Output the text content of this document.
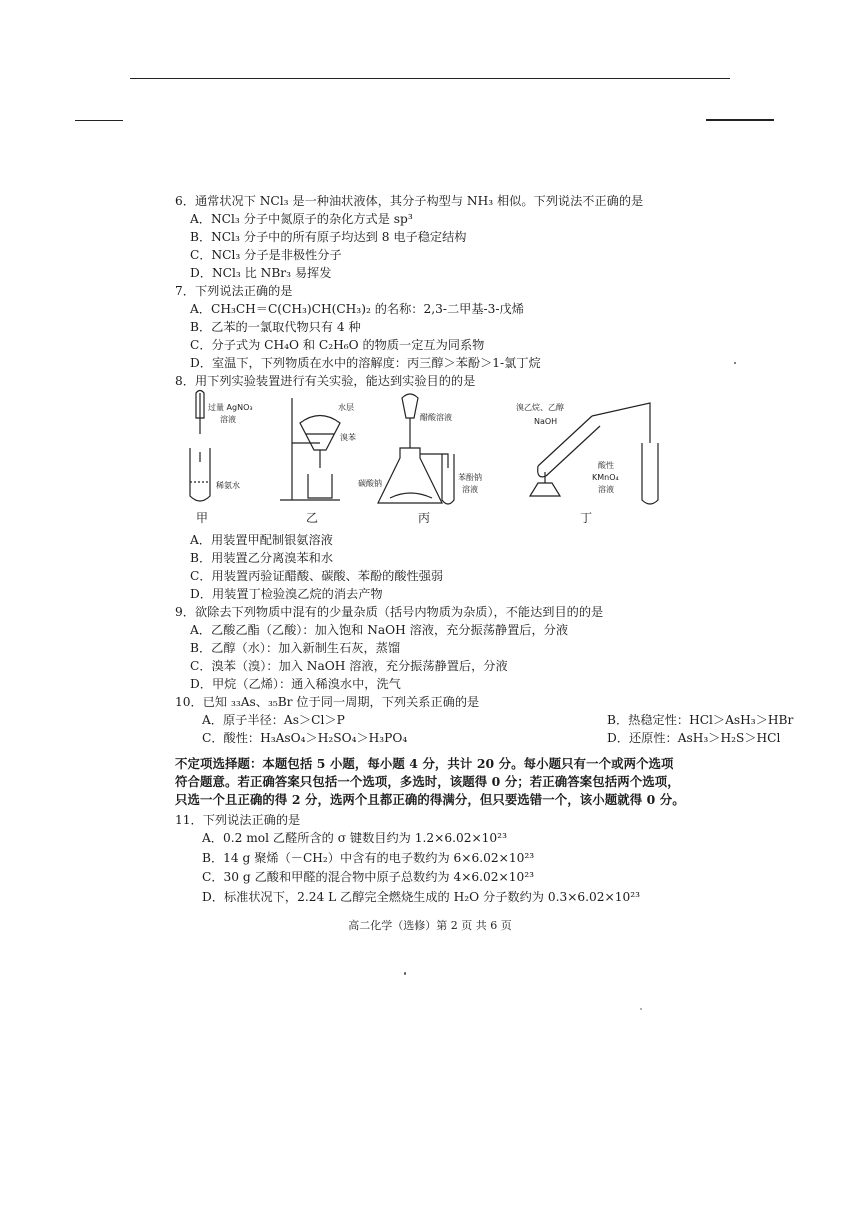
6．通常状况下 NCl₃ 是一种油状液体，其分子构型与 NH₃ 相似。下列说法不正确的是
A．NCl₃ 分子中氮原子的杂化方式是 sp³
B．NCl₃ 分子中的所有原子均达到 8 电子稳定结构
C．NCl₃ 分子是非极性分子
D．NCl₃ 比 NBr₃ 易挥发
7．下列说法正确的是
A．CH₃CH＝C(CH₃)CH(CH₃)₂ 的名称：2,3-二甲基-3-戊烯
B．乙苯的一氯取代物只有 4 种
C．分子式为 CH₄O 和 C₂H₆O 的物质一定互为同系物
D．室温下，下列物质在水中的溶解度：丙三醇＞苯酚＞1-氯丁烷
8．用下列实验装置进行有关实验，能达到实验目的的是
过量 AgNO₃
溶液
稀氨水
水层
溴苯
醋酸溶液
碳酸钠
苯酚钠
溶液
溴乙烷、乙醇
NaOH
酸性
KMnO₄
溶液
甲	乙	丙	丁
A．用装置甲配制银氨溶液
B．用装置乙分离溴苯和水
C．用装置丙验证醋酸、碳酸、苯酚的酸性强弱
D．用装置丁检验溴乙烷的消去产物
9．欲除去下列物质中混有的少量杂质（括号内物质为杂质），不能达到目的的是
A．乙酸乙酯（乙酸）：加入饱和 NaOH 溶液，充分振荡静置后，分液
B．乙醇（水）：加入新制生石灰，蒸馏
C．溴苯（溴）：加入 NaOH 溶液，充分振荡静置后，分液
D．甲烷（乙烯）：通入稀溴水中，洗气
10．已知 ₃₃As、₃₅Br 位于同一周期，下列关系正确的是
A．原子半径：As＞Cl＞P	B．热稳定性：HCl＞AsH₃＞HBr
C．酸性：H₃AsO₄＞H₂SO₄＞H₃PO₄	D．还原性：AsH₃＞H₂S＞HCl
不定项选择题：本题包括 5 小题，每小题 4 分，共计 20 分。每小题只有一个或两个选项
符合题意。若正确答案只包括一个选项，多选时，该题得 0 分；若正确答案包括两个选项，
只选一个且正确的得 2 分，选两个且都正确的得满分，但只要选错一个，该小题就得 0 分。
11．下列说法正确的是
A．0.2 mol 乙醛所含的 σ 键数目约为 1.2×6.02×10²³
B．14 g 聚烯（－CH₂）中含有的电子数约为 6×6.02×10²³
C．30 g 乙酸和甲醛的混合物中原子总数约为 4×6.02×10²³
D．标准状况下，2.24 L 乙醇完全燃烧生成的 H₂O 分子数约为 0.3×6.02×10²³
高二化学（选修）第 2 页 共 6 页
